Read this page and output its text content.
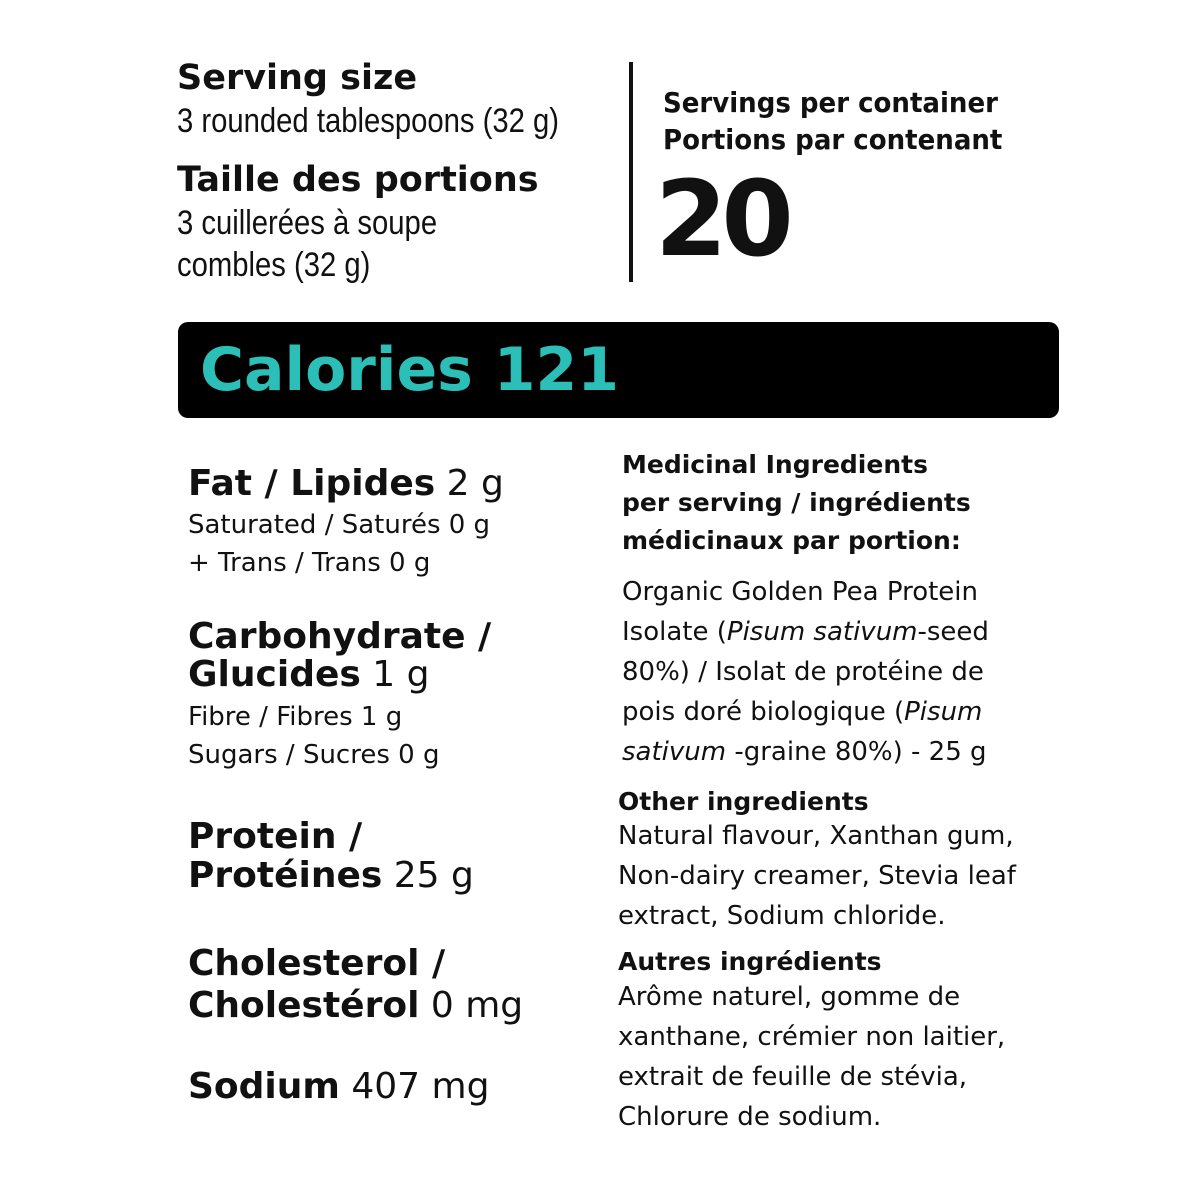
Serving size
3 rounded tablespoons (32 g)
Taille des portions
3 cuillerées à soupe
combles (32 g)
Servings per container
Portions par contenant
20
Calories 121
Fat / Lipides 2 g
Saturated / Saturés 0 g
+ Trans / Trans 0 g
Carbohydrate /
Glucides 1 g
Fibre / Fibres 1 g
Sugars / Sucres 0 g
Protein /
Protéines 25 g
Cholesterol /
Cholestérol 0 mg
Sodium 407 mg
Medicinal Ingredients
per serving / ingrédients
médicinaux par portion:
Organic Golden Pea Protein
Isolate (Pisum sativum-seed
80%) / Isolat de protéine de
pois doré biologique (Pisum
sativum -graine 80%) - 25 g
Other ingredients
Natural flavour, Xanthan gum,
Non-dairy creamer, Stevia leaf
extract, Sodium chloride.
Autres ingrédients
Arôme naturel, gomme de
xanthane, crémier non laitier,
extrait de feuille de stévia,
Chlorure de sodium.
